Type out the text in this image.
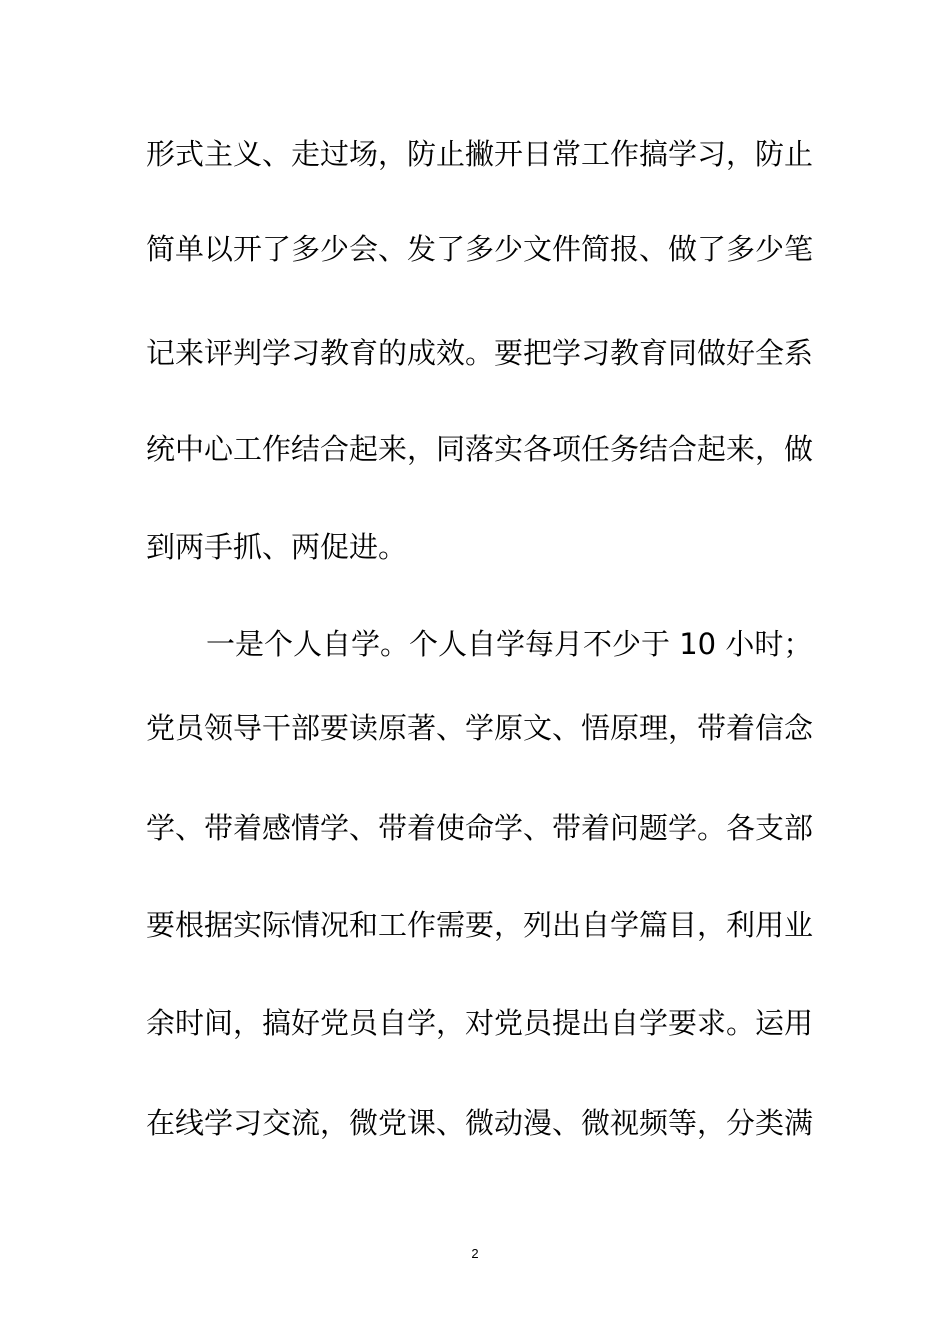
形式主义、走过场，防止撇开日常工作搞学习，防止
简单以开了多少会、发了多少文件简报、做了多少笔
记来评判学习教育的成效。要把学习教育同做好全系
统中心工作结合起来，同落实各项任务结合起来，做
到两手抓、两促进。
一是个人自学。个人自学每月不少于 10 小时；
党员领导干部要读原著、学原文、悟原理，带着信念
学、带着感情学、带着使命学、带着问题学。各支部
要根据实际情况和工作需要，列出自学篇目，利用业
余时间，搞好党员自学，对党员提出自学要求。运用
在线学习交流，微党课、微动漫、微视频等，分类满
2
